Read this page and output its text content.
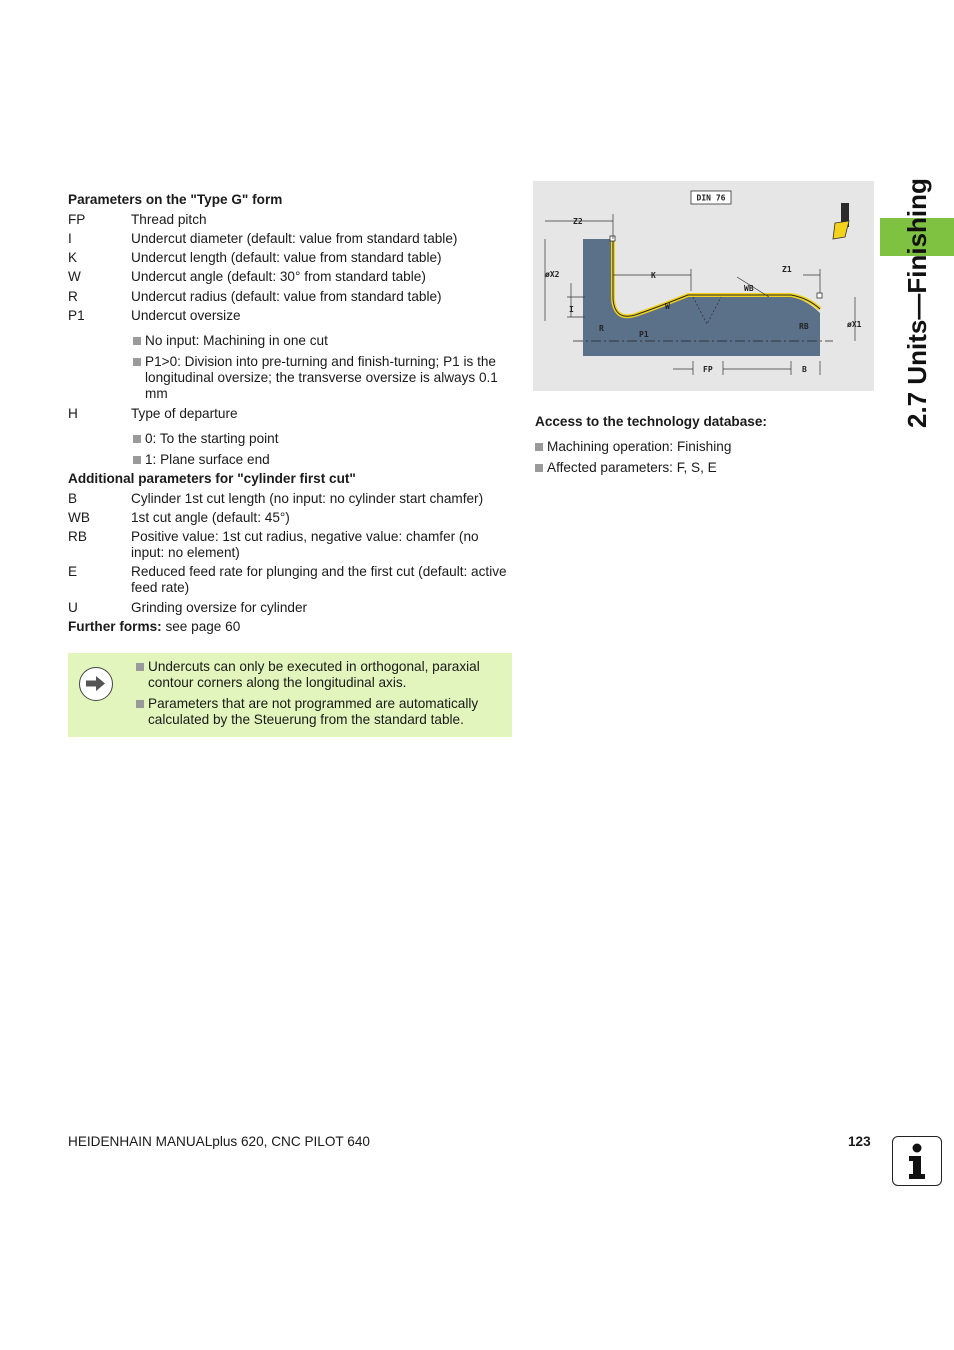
2.7 Units—Finishing
Parameters on the "Type G" form
FP	Thread pitch
I	Undercut diameter (default: value from standard table)
K	Undercut length (default: value from standard table)
W	Undercut angle (default: 30° from standard table)
R	Undercut radius (default: value from standard table)
P1	Undercut oversize
No input: Machining in one cut
P1>0: Division into pre-turning and finish-turning; P1 is the longitudinal oversize; the transverse oversize is always 0.1 mm
H	Type of departure
0: To the starting point
1: Plane surface end
Additional parameters for "cylinder first cut"
B	Cylinder 1st cut length (no input: no cylinder start chamfer)
WB	1st cut angle (default: 45°)
RB	Positive value: 1st cut radius, negative value: chamfer (no input: no element)
E	Reduced feed rate for plunging and the first cut (default: active feed rate)
U	Grinding oversize for cylinder
Further forms: see page 60
Undercuts can only be executed in orthogonal, paraxial contour corners along the longitudinal axis.
Parameters that are not programmed are automatically calculated by the Steuerung from the standard table.
DIN 76
Z2
øX2	K
Z1
WB
I	W
R
P1
RB	øX1
FP	B
Access to the technology database:
Machining operation: Finishing
Affected parameters: F, S, E
HEIDENHAIN MANUALplus 620, CNC PILOT 640	123
